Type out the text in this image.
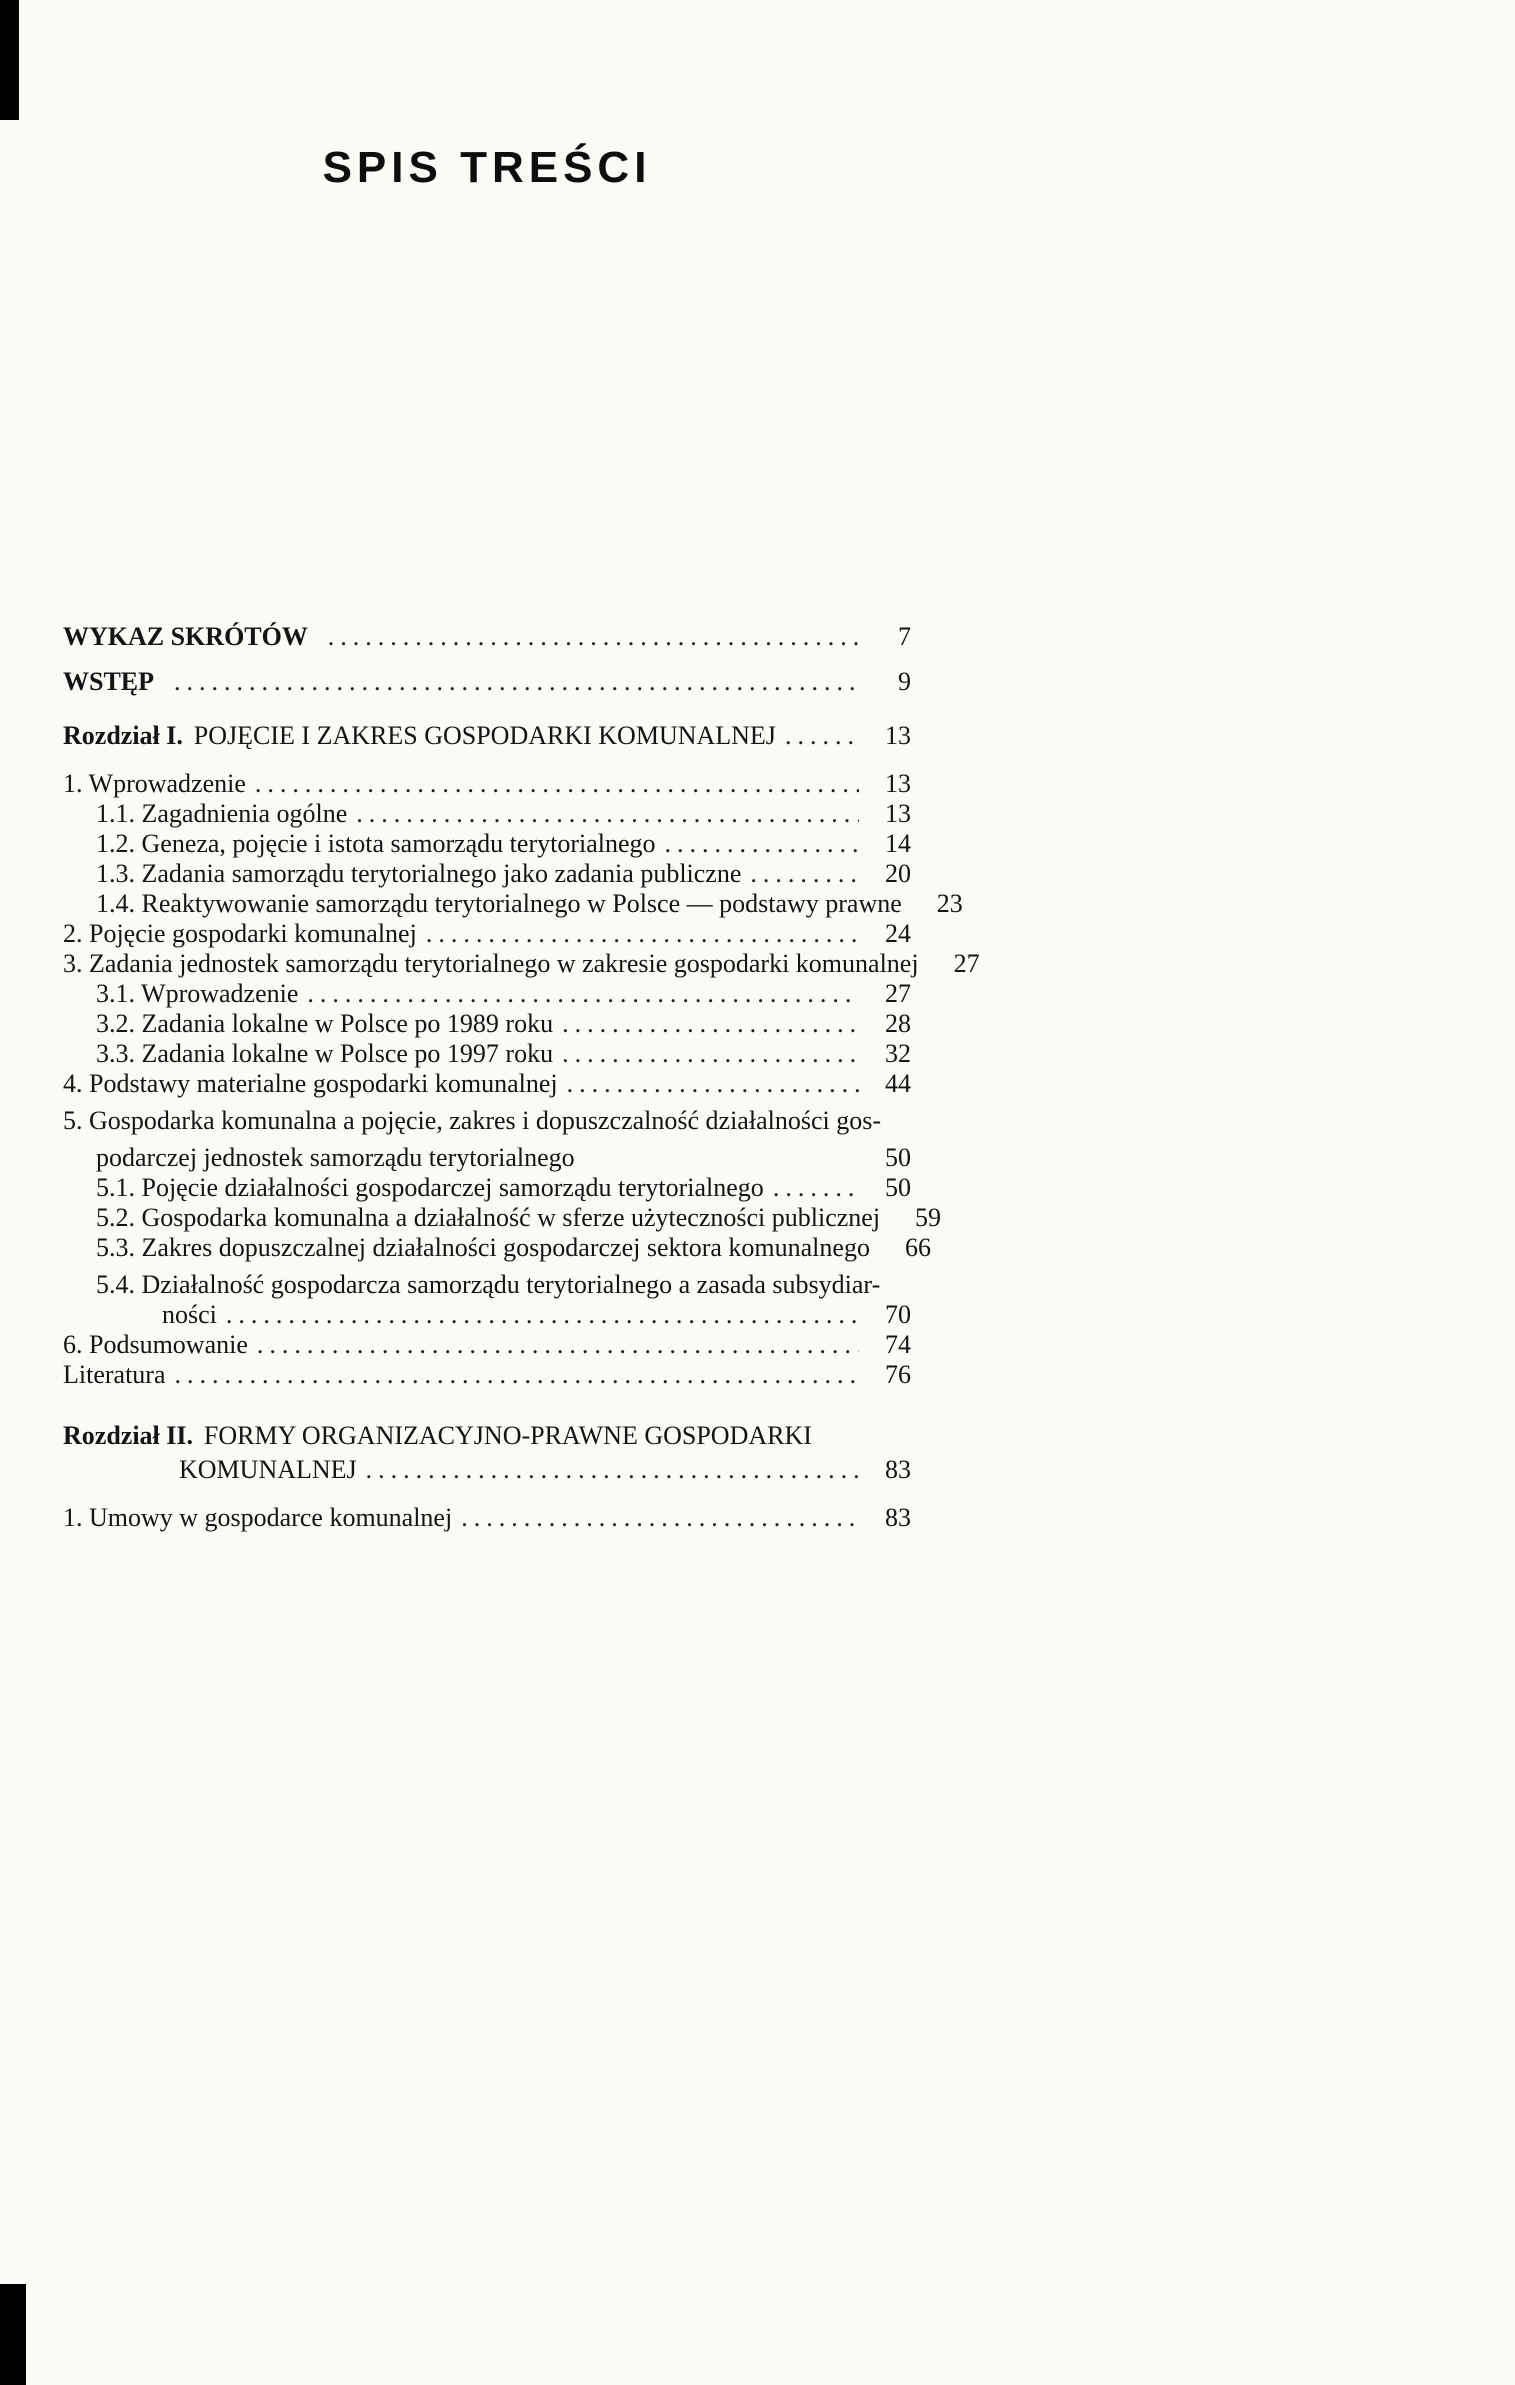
SPIS TREŚCI
WYKAZ SKRÓTÓW .....	7
WSTĘP .....	9
Rozdział I. POJĘCIE I ZAKRES GOSPODARKI KOMUNALNEJ .....	13
1. Wprowadzenie .....	13
1.1. Zagadnienia ogólne .....	13
1.2. Geneza, pojęcie i istota samorządu terytorialnego .....	14
1.3. Zadania samorządu terytorialnego jako zadania publiczne .....	20
1.4. Reaktywowanie samorządu terytorialnego w Polsce — podstawy prawne	23
2. Pojęcie gospodarki komunalnej .....	24
3. Zadania jednostek samorządu terytorialnego w zakresie gospodarki komunalnej	27
3.1. Wprowadzenie .....	27
3.2. Zadania lokalne w Polsce po 1989 roku .....	28
3.3. Zadania lokalne w Polsce po 1997 roku .....	32
4. Podstawy materialne gospodarki komunalnej .....	44
5. Gospodarka komunalna a pojęcie, zakres i dopuszczalność działalności gos-
podarczej jednostek samorządu terytorialnego	50
5.1. Pojęcie działalności gospodarczej samorządu terytorialnego .....	50
5.2. Gospodarka komunalna a działalność w sferze użyteczności publicznej	59
5.3. Zakres dopuszczalnej działalności gospodarczej sektora komunalnego	66
5.4. Działalność gospodarcza samorządu terytorialnego a zasada subsydiar-
ności .....	70
6. Podsumowanie .....	74
Literatura .....	76
Rozdział II. FORMY ORGANIZACYJNO-PRAWNE GOSPODARKI
KOMUNALNEJ .....	83
1. Umowy w gospodarce komunalnej .....	83
